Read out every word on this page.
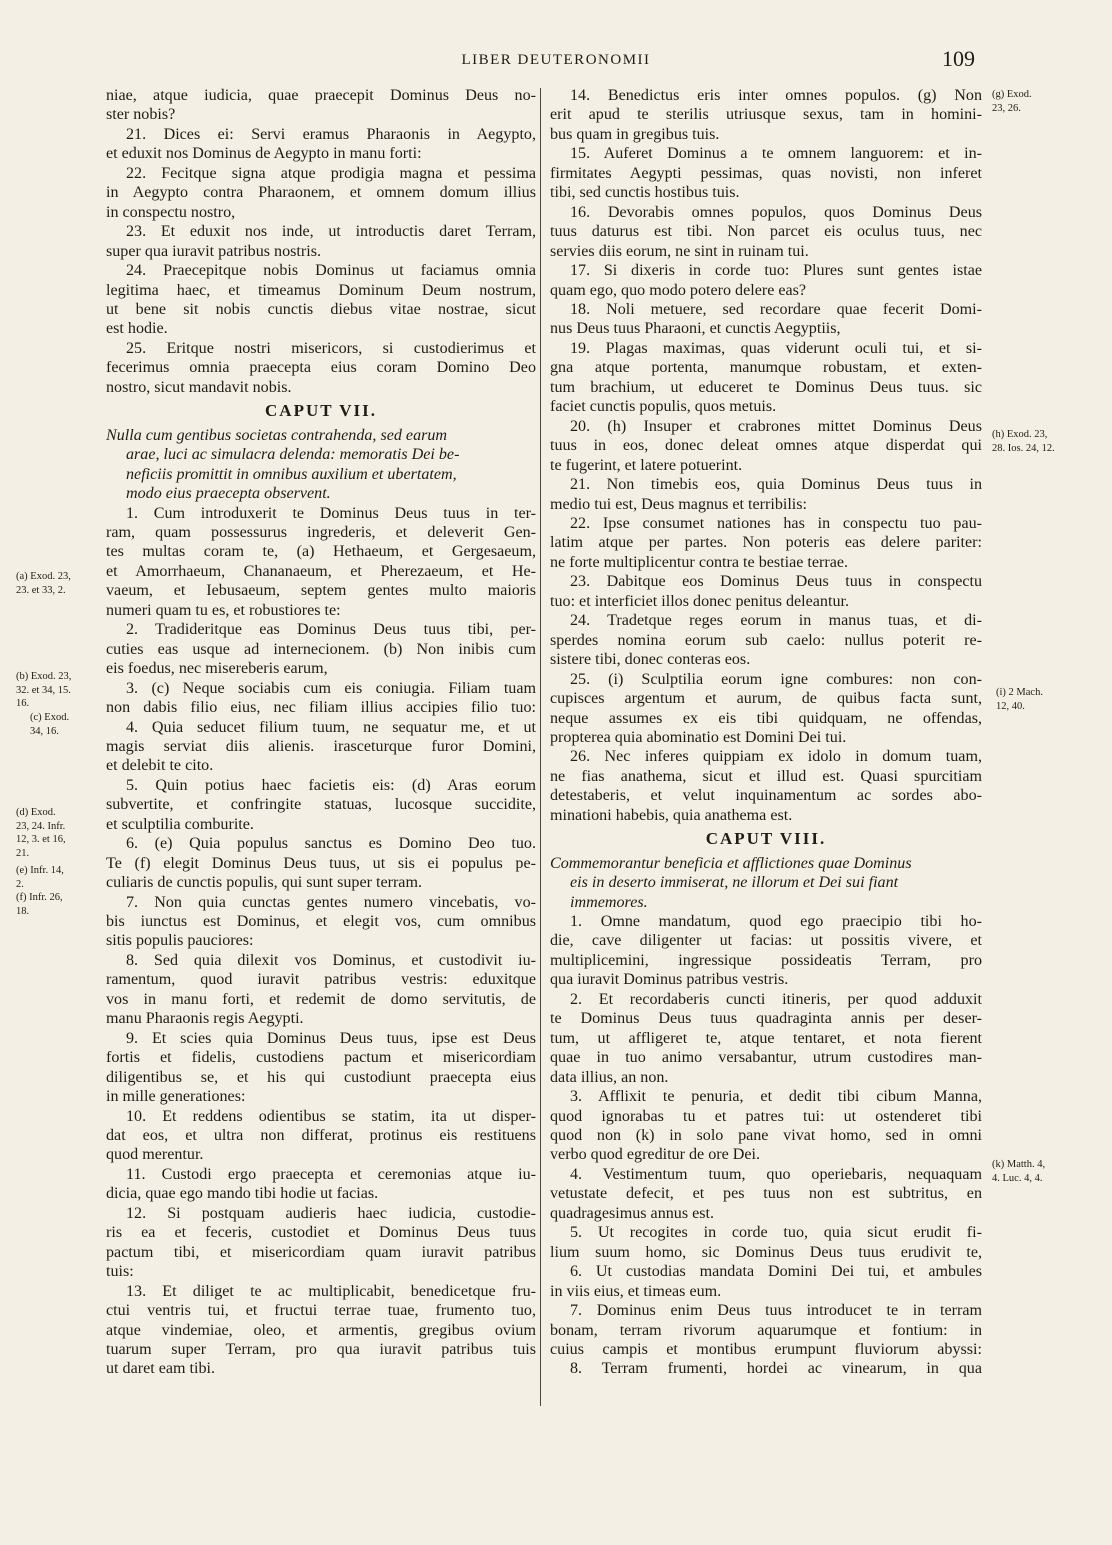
LIBER DEUTERONOMII	109
niae, atque iudicia, quae praecepit Dominus Deus no-
ster nobis?
21. Dices ei: Servi eramus Pharaonis in Aegypto,
et eduxit nos Dominus de Aegypto in manu forti:
22. Fecitque signa atque prodigia magna et pessima
in Aegypto contra Pharaonem, et omnem domum illius
in conspectu nostro,
23. Et eduxit nos inde, ut introductis daret Terram,
super qua iuravit patribus nostris.
24. Praecepitque nobis Dominus ut faciamus omnia
legitima haec, et timeamus Dominum Deum nostrum,
ut bene sit nobis cunctis diebus vitae nostrae, sicut
est hodie.
25. Eritque nostri misericors, si custodierimus et
fecerimus omnia praecepta eius coram Domino Deo
nostro, sicut mandavit nobis.
CAPUT VII.
Nulla cum gentibus societas contrahenda, sed earum
arae, luci ac simulacra delenda: memoratis Dei be-
neficiis promittit in omnibus auxilium et ubertatem,
modo eius praecepta observent.
1. Cum introduxerit te Dominus Deus tuus in ter-
ram, quam possessurus ingrederis, et deleverit Gen-
tes multas coram te, (a) Hethaeum, et Gergesaeum,
et Amorrhaeum, Chananaeum, et Pherezaeum, et He-
vaeum, et Iebusaeum, septem gentes multo maioris
numeri quam tu es, et robustiores te:
2. Tradideritque eas Dominus Deus tuus tibi, per-
cuties eas usque ad internecionem. (b) Non inibis cum
eis foedus, nec misereberis earum,
3. (c) Neque sociabis cum eis coniugia. Filiam tuam
non dabis filio eius, nec filiam illius accipies filio tuo:
4. Quia seducet filium tuum, ne sequatur me, et ut
magis serviat diis alienis. irasceturque furor Domini,
et delebit te cito.
5. Quin potius haec facietis eis: (d) Aras eorum
subvertite, et confringite statuas, lucosque succidite,
et sculptilia comburite.
6. (e) Quia populus sanctus es Domino Deo tuo.
Te (f) elegit Dominus Deus tuus, ut sis ei populus pe-
culiaris de cunctis populis, qui sunt super terram.
7. Non quia cunctas gentes numero vincebatis, vo-
bis iunctus est Dominus, et elegit vos, cum omnibus
sitis populis pauciores:
8. Sed quia dilexit vos Dominus, et custodivit iu-
ramentum, quod iuravit patribus vestris: eduxitque
vos in manu forti, et redemit de domo servitutis, de
manu Pharaonis regis Aegypti.
9. Et scies quia Dominus Deus tuus, ipse est Deus
fortis et fidelis, custodiens pactum et misericordiam
diligentibus se, et his qui custodiunt praecepta eius
in mille generationes:
10. Et reddens odientibus se statim, ita ut disper-
dat eos, et ultra non differat, protinus eis restituens
quod merentur.
11. Custodi ergo praecepta et ceremonias atque iu-
dicia, quae ego mando tibi hodie ut facias.
12. Si postquam audieris haec iudicia, custodie-
ris ea et feceris, custodiet et Dominus Deus tuus
pactum tibi, et misericordiam quam iuravit patribus
tuis:
13. Et diliget te ac multiplicabit, benedicetque fru-
ctui ventris tui, et fructui terrae tuae, frumento tuo,
atque vindemiae, oleo, et armentis, gregibus ovium
tuarum super Terram, pro qua iuravit patribus tuis
ut daret eam tibi.
14. Benedictus eris inter omnes populos. (g) Non
erit apud te sterilis utriusque sexus, tam in homini-
bus quam in gregibus tuis.
15. Auferet Dominus a te omnem languorem: et in-
firmitates Aegypti pessimas, quas novisti, non inferet
tibi, sed cunctis hostibus tuis.
16. Devorabis omnes populos, quos Dominus Deus
tuus daturus est tibi. Non parcet eis oculus tuus, nec
servies diis eorum, ne sint in ruinam tui.
17. Si dixeris in corde tuo: Plures sunt gentes istae
quam ego, quo modo potero delere eas?
18. Noli metuere, sed recordare quae fecerit Domi-
nus Deus tuus Pharaoni, et cunctis Aegyptiis,
19. Plagas maximas, quas viderunt oculi tui, et si-
gna atque portenta, manumque robustam, et exten-
tum brachium, ut educeret te Dominus Deus tuus. sic
faciet cunctis populis, quos metuis.
20. (h) Insuper et crabrones mittet Dominus Deus
tuus in eos, donec deleat omnes atque disperdat qui
te fugerint, et latere potuerint.
21. Non timebis eos, quia Dominus Deus tuus in
medio tui est, Deus magnus et terribilis:
22. Ipse consumet nationes has in conspectu tuo pau-
latim atque per partes. Non poteris eas delere pariter:
ne forte multiplicentur contra te bestiae terrae.
23. Dabitque eos Dominus Deus tuus in conspectu
tuo: et interficiet illos donec penitus deleantur.
24. Tradetque reges eorum in manus tuas, et di-
sperdes nomina eorum sub caelo: nullus poterit re-
sistere tibi, donec conteras eos.
25. (i) Sculptilia eorum igne combures: non con-
cupisces argentum et aurum, de quibus facta sunt,
neque assumes ex eis tibi quidquam, ne offendas,
propterea quia abominatio est Domini Dei tui.
26. Nec inferes quippiam ex idolo in domum tuam,
ne fias anathema, sicut et illud est. Quasi spurcitiam
detestaberis, et velut inquinamentum ac sordes abo-
minationi habebis, quia anathema est.
CAPUT VIII.
Commemorantur beneficia et afflictiones quae Dominus
eis in deserto immiserat, ne illorum et Dei sui fiant
immemores.
1. Omne mandatum, quod ego praecipio tibi ho-
die, cave diligenter ut facias: ut possitis vivere, et
multiplicemini, ingressique possideatis Terram, pro
qua iuravit Dominus patribus vestris.
2. Et recordaberis cuncti itineris, per quod adduxit
te Dominus Deus tuus quadraginta annis per deser-
tum, ut affligeret te, atque tentaret, et nota fierent
quae in tuo animo versabantur, utrum custodires man-
data illius, an non.
3. Afflixit te penuria, et dedit tibi cibum Manna,
quod ignorabas tu et patres tui: ut ostenderet tibi
quod non (k) in solo pane vivat homo, sed in omni
verbo quod egreditur de ore Dei.
4. Vestimentum tuum, quo operiebaris, nequaquam
vetustate defecit, et pes tuus non est subtritus, en
quadragesimus annus est.
5. Ut recogites in corde tuo, quia sicut erudit fi-
lium suum homo, sic Dominus Deus tuus erudivit te,
6. Ut custodias mandata Domini Dei tui, et ambules
in viis eius, et timeas eum.
7. Dominus enim Deus tuus introducet te in terram
bonam, terram rivorum aquarumque et fontium: in
cuius campis et montibus erumpunt fluviorum abyssi:
8. Terram frumenti, hordei ac vinearum, in qua
(a) Exod. 23,
23. et 33, 2.
(b) Exod. 23,
32. et 34, 15.
16.
(c) Exod.
34, 16.
(d) Exod.
23, 24. Infr.
12, 3. et 16,
21.
(e) Infr. 14,
2.
(f) Infr. 26,
18.
(g) Exod.
23, 26.
(h) Exod. 23,
28. Ios. 24, 12.
(i) 2 Mach.
12, 40.
(k) Matth. 4,
4. Luc. 4, 4.
